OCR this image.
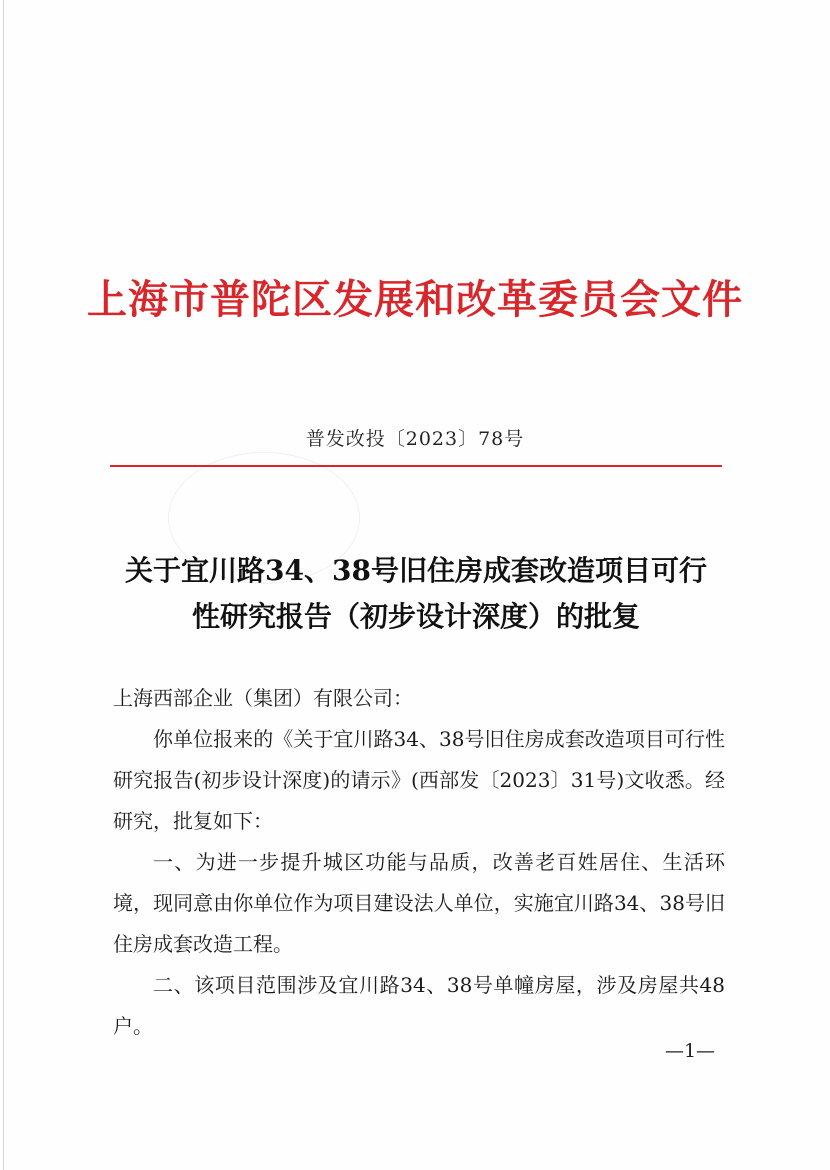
上海市普陀区发展和改革委员会文件
普发改投〔2023〕78号
关于宜川路34、38号旧住房成套改造项目可行
性研究报告（初步设计深度）的批复

上海西部企业（集团）有限公司：

你单位报来的《关于宜川路34、38号旧住房成套改造项目可行性研究报告(初步设计深度)的请示》(西部发〔2023〕31号)文收悉。经研究，批复如下：

一、为进一步提升城区功能与品质，改善老百姓居住、生活环境，现同意由你单位作为项目建设法人单位，实施宜川路34、38号旧住房成套改造工程。

二、该项目范围涉及宜川路34、38号单幢房屋，涉及房屋共48户。

—1—
